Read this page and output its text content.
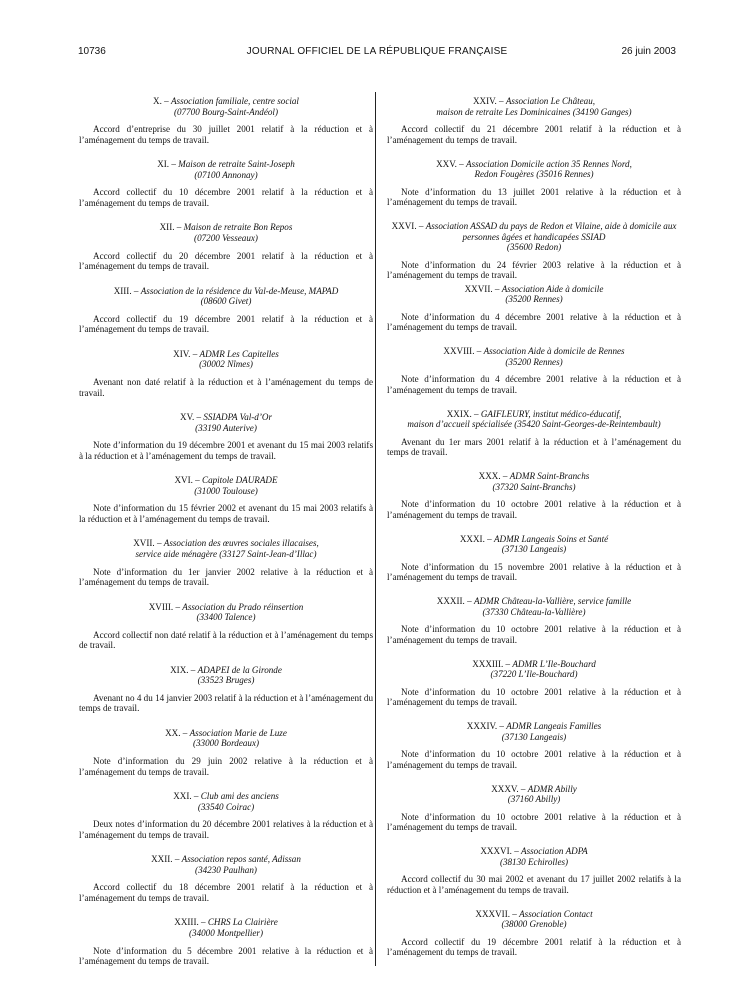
10736	JOURNAL OFFICIEL DE LA RÉPUBLIQUE FRANÇAISE	26 juin 2003

X. – Association familiale, centre social
(07700 Bourg-Saint-Andéol)

Accord d’entreprise du 30 juillet 2001 relatif à la réduction et à l’aménagement du temps de travail.

XI. – Maison de retraite Saint-Joseph
(07100 Annonay)

Accord collectif du 10 décembre 2001 relatif à la réduction et à l’aménagement du temps de travail.

XII. – Maison de retraite Bon Repos
(07200 Vesseaux)

Accord collectif du 20 décembre 2001 relatif à la réduction et à l’aménagement du temps de travail.

XIII. – Association de la résidence du Val-de-Meuse, MAPAD
(08600 Givet)

Accord collectif du 19 décembre 2001 relatif à la réduction et à l’aménagement du temps de travail.

XIV. – ADMR Les Capitelles
(30002 Nîmes)

Avenant non daté relatif à la réduction et à l’aménagement du temps de travail.

XV. – SSIADPA Val-d’Or
(33190 Auterive)

Note d’information du 19 décembre 2001 et avenant du 15 mai 2003 relatifs à la réduction et à l’aménagement du temps de travail.

XVI. – Capitole DAURADE
(31000 Toulouse)

Note d’information du 15 février 2002 et avenant du 15 mai 2003 relatifs à la réduction et à l’aménagement du temps de travail.

XVII. – Association des œuvres sociales illacaises,
service aide ménagère (33127 Saint-Jean-d’Illac)

Note d’information du 1er janvier 2002 relative à la réduction et à l’aménagement du temps de travail.

XVIII. – Association du Prado réinsertion
(33400 Talence)

Accord collectif non daté relatif à la réduction et à l’aménagement du temps de travail.

XIX. – ADAPEI de la Gironde
(33523 Bruges)

Avenant no 4 du 14 janvier 2003 relatif à la réduction et à l’aménagement du temps de travail.

XX. – Association Marie de Luze
(33000 Bordeaux)

Note d’information du 29 juin 2002 relative à la réduction et à l’aménagement du temps de travail.

XXI. – Club ami des anciens
(33540 Coirac)

Deux notes d’information du 20 décembre 2001 relatives à la réduction et à l’aménagement du temps de travail.

XXII. – Association repos santé, Adissan
(34230 Paulhan)

Accord collectif du 18 décembre 2001 relatif à la réduction et à l’aménagement du temps de travail.

XXIII. – CHRS La Clairière
(34000 Montpellier)

Note d’information du 5 décembre 2001 relative à la réduction et à l’aménagement du temps de travail.

XXIV. – Association Le Château,
maison de retraite Les Dominicaines (34190 Ganges)

Accord collectif du 21 décembre 2001 relatif à la réduction et à l’aménagement du temps de travail.

XXV. – Association Domicile action 35 Rennes Nord,
Redon Fougères (35016 Rennes)

Note d’information du 13 juillet 2001 relative à la réduction et à l’aménagement du temps de travail.

XXVI. – Association ASSAD du pays de Redon et Vilaine, aide à domicile aux personnes âgées et handicapées SSIAD
(35600 Redon)

Note d’information du 24 février 2003 relative à la réduction et à l’aménagement du temps de travail.

XXVII. – Association Aide à domicile
(35200 Rennes)

Note d’information du 4 décembre 2001 relative à la réduction et à l’aménagement du temps de travail.

XXVIII. – Association Aide à domicile de Rennes
(35200 Rennes)

Note d’information du 4 décembre 2001 relative à la réduction et à l’aménagement du temps de travail.

XXIX. – GAIFLEURY, institut médico-éducatif,
maison d’accueil spécialisée (35420 Saint-Georges-de-Reintembault)

Avenant du 1er mars 2001 relatif à la réduction et à l’aménagement du temps de travail.

XXX. – ADMR Saint-Branchs
(37320 Saint-Branchs)

Note d’information du 10 octobre 2001 relative à la réduction et à l’aménagement du temps de travail.

XXXI. – ADMR Langeais Soins et Santé
(37130 Langeais)

Note d’information du 15 novembre 2001 relative à la réduction et à l’aménagement du temps de travail.

XXXII. – ADMR Château-la-Vallière, service famille
(37330 Château-la-Vallière)

Note d’information du 10 octobre 2001 relative à la réduction et à l’aménagement du temps de travail.

XXXIII. – ADMR L’Ile-Bouchard
(37220 L’Ile-Bouchard)

Note d’information du 10 octobre 2001 relative à la réduction et à l’aménagement du temps de travail.

XXXIV. – ADMR Langeais Familles
(37130 Langeais)

Note d’information du 10 octobre 2001 relative à la réduction et à l’aménagement du temps de travail.

XXXV. – ADMR Abilly
(37160 Abilly)

Note d’information du 10 octobre 2001 relative à la réduction et à l’aménagement du temps de travail.

XXXVI. – Association ADPA
(38130 Echirolles)

Accord collectif du 30 mai 2002 et avenant du 17 juillet 2002 relatifs à la réduction et à l’aménagement du temps de travail.

XXXVII. – Association Contact
(38000 Grenoble)

Accord collectif du 19 décembre 2001 relatif à la réduction et à l’aménagement du temps de travail.
